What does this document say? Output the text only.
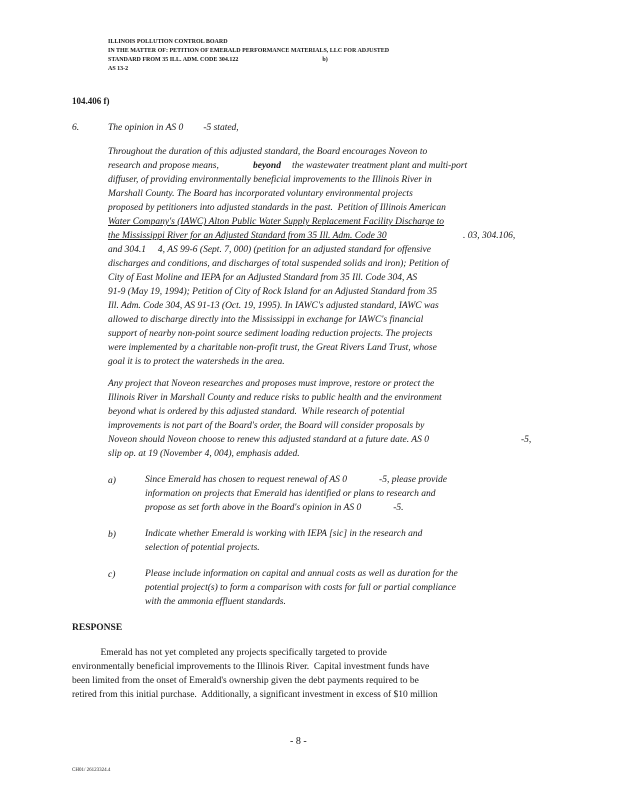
ILLINOIS POLLUTION CONTROL BOARD
IN THE MATTER OF: PETITION OF EMERALD PERFORMANCE MATERIALS, LLC FOR ADJUSTED
STANDARD FROM 35 ILL. ADM. CODE 304.122	b)
AS 13-2
104.406 f)
6.	The opinion in AS 0 -5 stated,
Throughout the duration of this adjusted standard, the Board encourages Noveon to
research and propose means,	beyond the wastewater treatment plant and multi-port
diffuser, of providing environmentally beneficial improvements to the Illinois River in
Marshall County. The Board has incorporated voluntary environmental projects
proposed by petitioners into adjusted standards in the past.  Petition of Illinois American
Water Company's (IAWC) Alton Public Water Supply Replacement Facility Discharge to
the Mississippi River for an Adjusted Standard from 35 Ill. Adm. Code 30	. 03, 304.106,
and 304.1     4, AS 99-6 (Sept. 7, 000) (petition for an adjusted standard for offensive
discharges and conditions, and discharges of total suspended solids and iron); Petition of
City of East Moline and IEPA for an Adjusted Standard from 35 Ill. Code 304, AS
91-9 (May 19, 1994); Petition of City of Rock Island for an Adjusted Standard from 35
Ill. Adm. Code 304, AS 91-13 (Oct. 19, 1995). In IAWC's adjusted standard, IAWC was
allowed to discharge directly into the Mississippi in exchange for IAWC's financial
support of nearby non-point source sediment loading reduction projects. The projects
were implemented by a charitable non-profit trust, the Great Rivers Land Trust, whose
goal it is to protect the watersheds in the area.
Any project that Noveon researches and proposes must improve, restore or protect the
Illinois River in Marshall County and reduce risks to public health and the environment
beyond what is ordered by this adjusted standard.  While research of potential
improvements is not part of the Board's order, the Board will consider proposals by
Noveon should Noveon choose to renew this adjusted standard at a future date. AS 0	-5,
slip op. at 19 (November 4, 004), emphasis added.
a)	Since Emerald has chosen to request renewal of AS 0	-5, please provide
information on projects that Emerald has identified or plans to research and
propose as set forth above in the Board's opinion in AS 0	-5.
b)	Indicate whether Emerald is working with IEPA [sic] in the research and
selection of potential projects.
c)	Please include information on capital and annual costs as well as duration for the
potential project(s) to form a comparison with costs for full or partial compliance
with the ammonia effluent standards.
RESPONSE
Emerald has not yet completed any projects specifically targeted to provide
environmentally beneficial improvements to the Illinois River.  Capital investment funds have
been limited from the onset of Emerald's ownership given the debt payments required to be
retired from this initial purchase.  Additionally, a significant investment in excess of $10 million
- 8 -
CH01/ 26123324.4
